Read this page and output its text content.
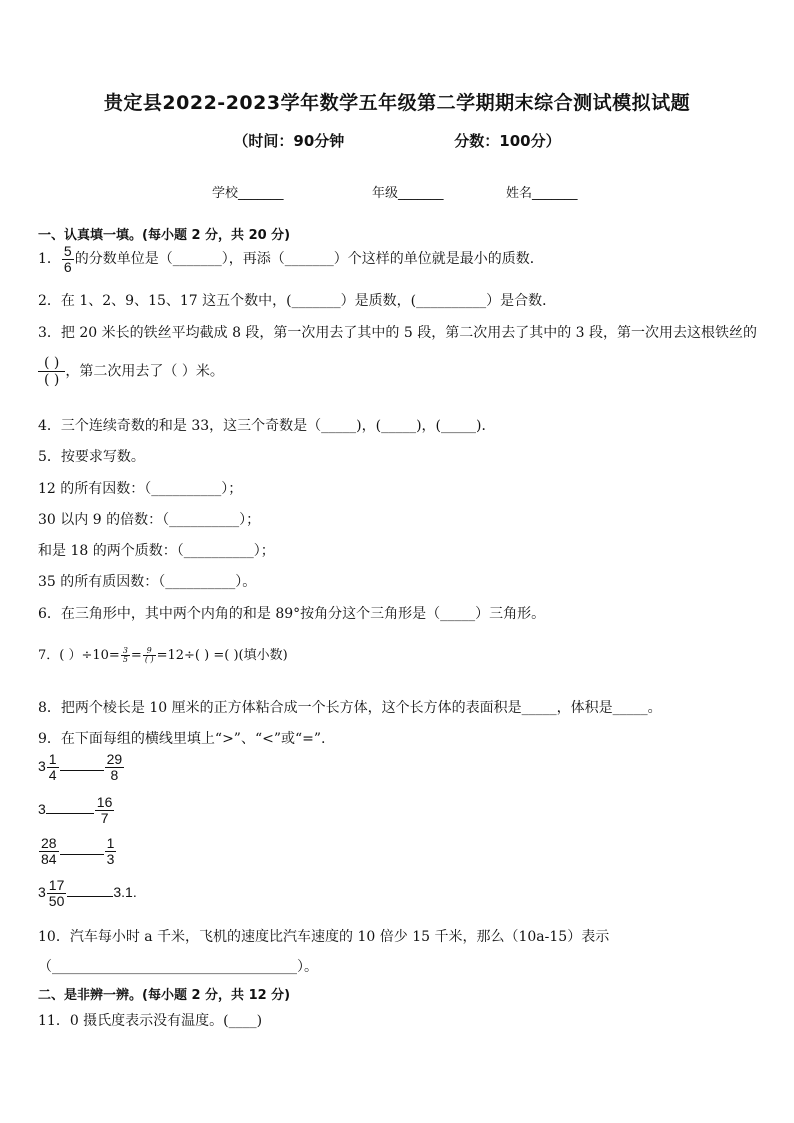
贵定县2022-2023学年数学五年级第二学期期末综合测试模拟试题
（时间：90分钟	分数：100分）
学校_______	年级_______	姓名_______
一、认真填一填。(每小题 2 分，共 20 分)
1． $\frac{5}{6}$ 的分数单位是（_______），再添（_______）个这样的单位就是最小的质数．
2．在 1、2、9、15、17 这五个数中，(_______）是质数，(__________）是合数．
3．把 20 米长的铁丝平均截成 8 段，第一次用去了其中的 5 段，第二次用去了其中的 3 段，第一次用去这根铁丝的
$\frac{( )}{( )}$ ，第二次用去了（ ）米。
4．三个连续奇数的和是 33，这三个奇数是（_____)，(_____)，(_____)．
5．按要求写数。
12 的所有因数：（__________）；
30 以内 9 的倍数：（__________）；
和是 18 的两个质数：（__________）；
35 的所有质因数：（__________）。
6．在三角形中，其中两个内角的和是 89°按角分这个三角形是（_____）三角形。
7．( ）$\div 10= \frac{3}{5} = \frac{9}{( )} =12\div$( ) =( )(填小数)
8．把两个棱长是 10 厘米的正方体粘合成一个长方体，这个长方体的表面积是_____，体积是_____。
9．在下面每组的横线里填上“>”、“<”或“=”.
$3 \frac{1}{4}$	$\frac{29}{8}$
3	$\frac{16}{7}$
$\frac{28}{84}$	$\frac{1}{3}$
$3 \frac{17}{50}$	3.1.
10．汽车每小时 a 千米，飞机的速度比汽车速度的 10 倍少 15 千米，那么（10a-15）表示
（___________________________________）。
二、是非辨一辨。(每小题 2 分，共 12 分)
11．0 摄氏度表示没有温度。(____)
